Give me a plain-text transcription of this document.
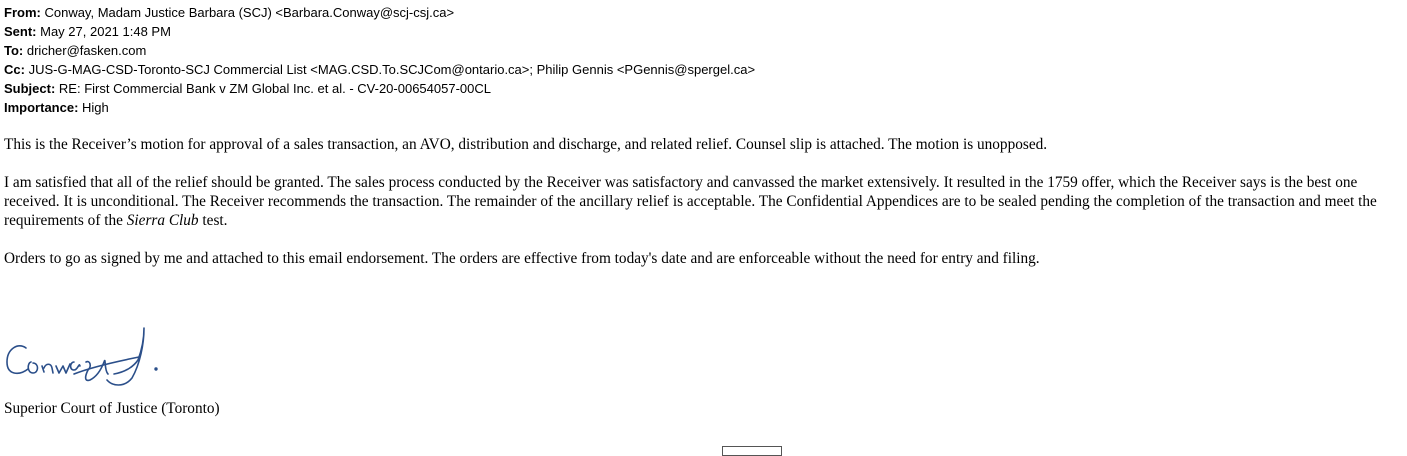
From: Conway, Madam Justice Barbara (SCJ) <Barbara.Conway@scj-csj.ca>
Sent: May 27, 2021 1:48 PM
To: dricher@fasken.com
Cc: JUS-G-MAG-CSD-Toronto-SCJ Commercial List <MAG.CSD.To.SCJCom@ontario.ca>; Philip Gennis <PGennis@spergel.ca>
Subject: RE: First Commercial Bank v ZM Global Inc. et al. - CV-20-00654057-00CL
Importance: High

This is the Receiver’s motion for approval of a sales transaction, an AVO, distribution and discharge, and related relief. Counsel slip is attached. The motion is unopposed.

I am satisfied that all of the relief should be granted. The sales process conducted by the Receiver was satisfactory and canvassed the market extensively. It resulted in the 1759 offer, which the Receiver says is the best one received. It is unconditional. The Receiver recommends the transaction. The remainder of the ancillary relief is acceptable. The Confidential Appendices are to be sealed pending the completion of the transaction and meet the requirements of the Sierra Club test.

Orders to go as signed by me and attached to this email endorsement. The orders are effective from today's date and are enforceable without the need for entry and filing.

Superior Court of Justice (Toronto)
